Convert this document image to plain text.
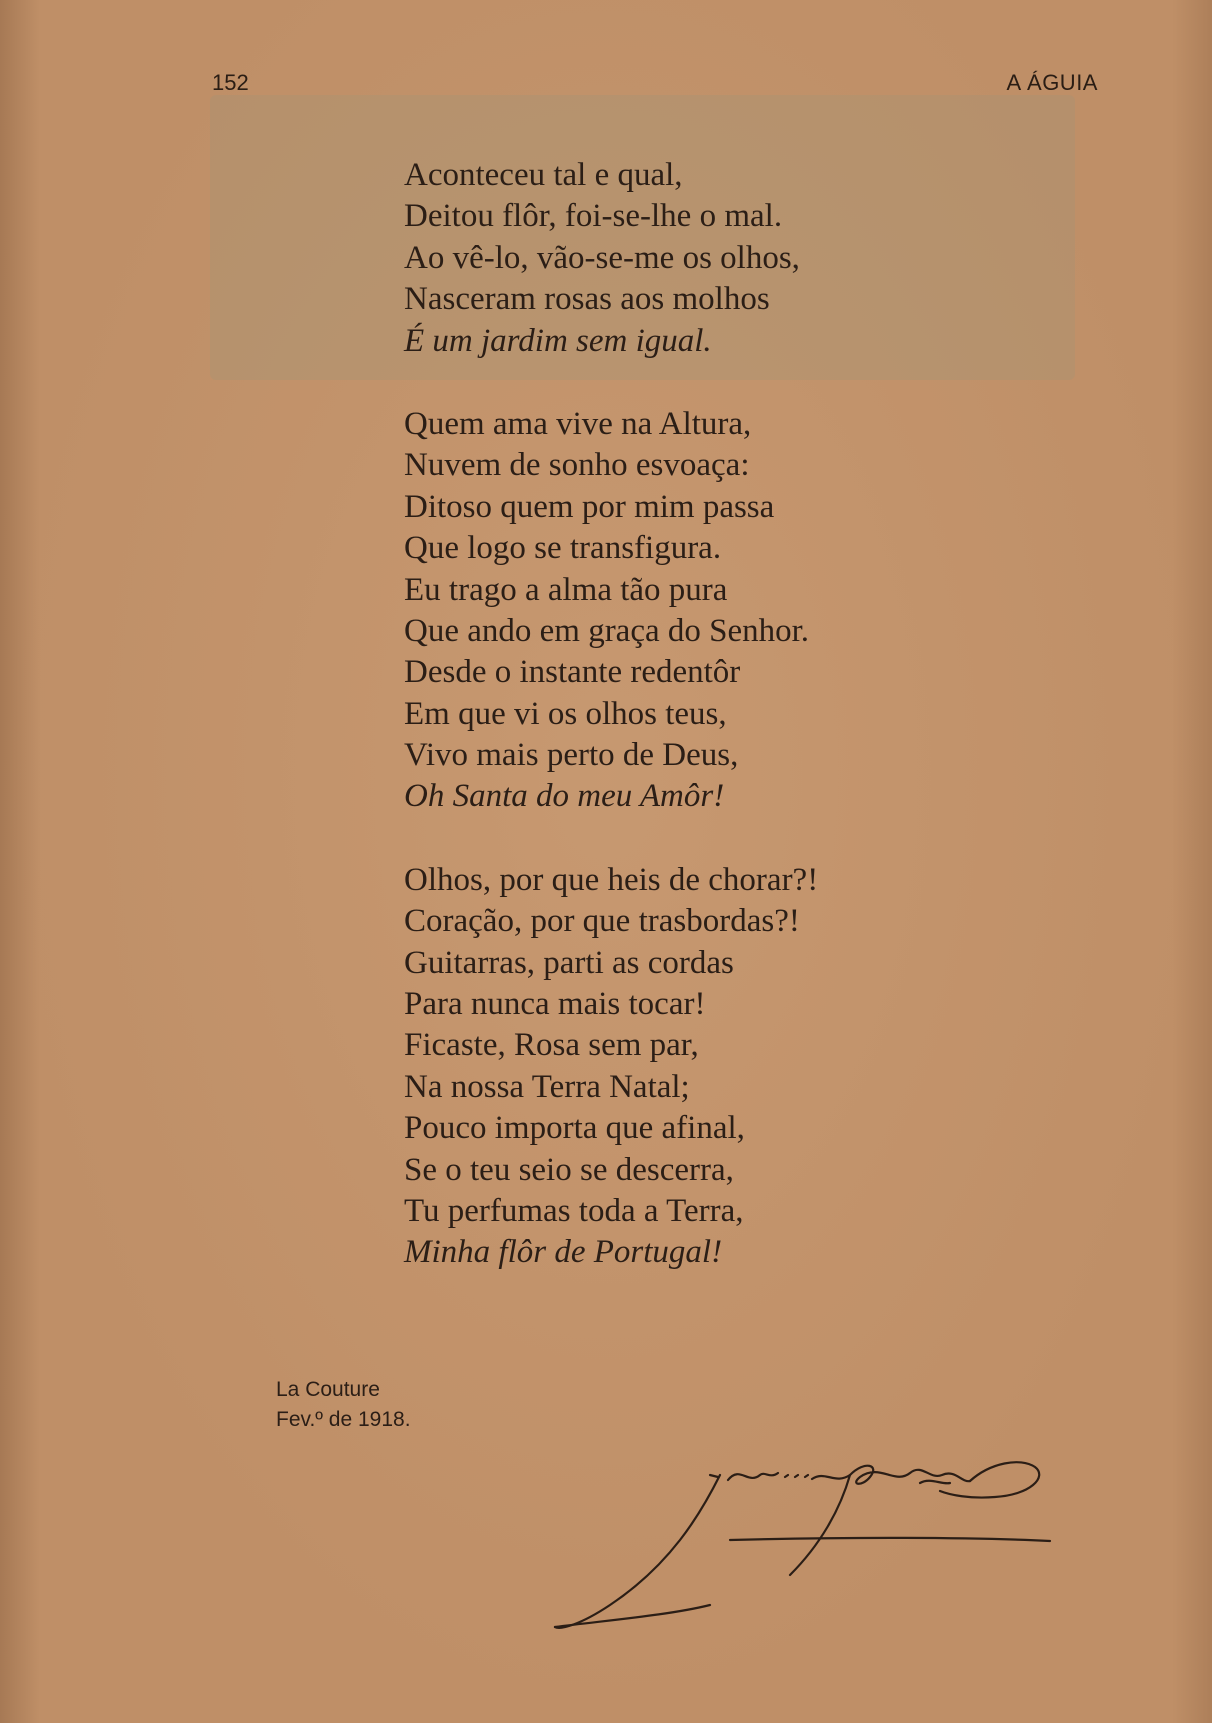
152	A ÁGUIA
Aconteceu tal e qual,
Deitou flôr, foi-se-lhe o mal.
Ao vê-lo, vão-se-me os olhos,
Nasceram rosas aos molhos
É um jardim sem igual.
Quem ama vive na Altura,
Nuvem de sonho esvoaça:
Ditoso quem por mim passa
Que logo se transfigura.
Eu trago a alma tão pura
Que ando em graça do Senhor.
Desde o instante redentôr
Em que vi os olhos teus,
Vivo mais perto de Deus,
Oh Santa do meu Amôr!
Olhos, por que heis de chorar?!
Coração, por que trasbordas?!
Guitarras, parti as cordas
Para nunca mais tocar!
Ficaste, Rosa sem par,
Na nossa Terra Natal;
Pouco importa que afinal,
Se o teu seio se descerra,
Tu perfumas toda a Terra,
Minha flôr de Portugal!
La Couture
Fev.º de 1918.
